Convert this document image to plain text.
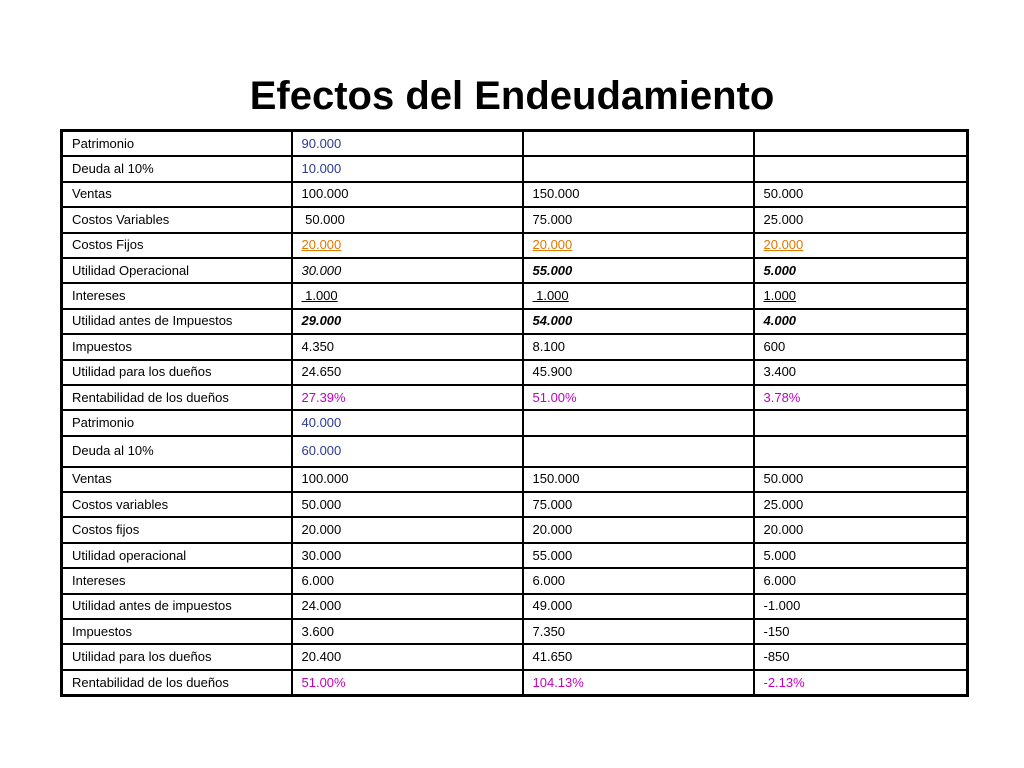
Efectos del Endeudamiento
Patrimonio	90.000		
Deuda al 10%	10.000		
Ventas	100.000	150.000	50.000
Costos Variables	50.000	75.000	25.000
Costos Fijos	20.000	20.000	20.000
Utilidad Operacional	30.000	55.000	5.000
Intereses	1.000	1.000	1.000
Utilidad antes de Impuestos	29.000	54.000	4.000
Impuestos	4.350	8.100	600
Utilidad para los dueños	24.650	45.900	3.400
Rentabilidad de los dueños	27.39%	51.00%	3.78%
Patrimonio	40.000		
Deuda al 10%	60.000		
Ventas	100.000	150.000	50.000
Costos variables	50.000	75.000	25.000
Costos fijos	20.000	20.000	20.000
Utilidad operacional	30.000	55.000	5.000
Intereses	6.000	6.000	6.000
Utilidad antes de impuestos	24.000	49.000	-1.000
Impuestos	3.600	7.350	-150
Utilidad para los dueños	20.400	41.650	-850
Rentabilidad de los dueños	51.00%	104.13%	-2.13%
